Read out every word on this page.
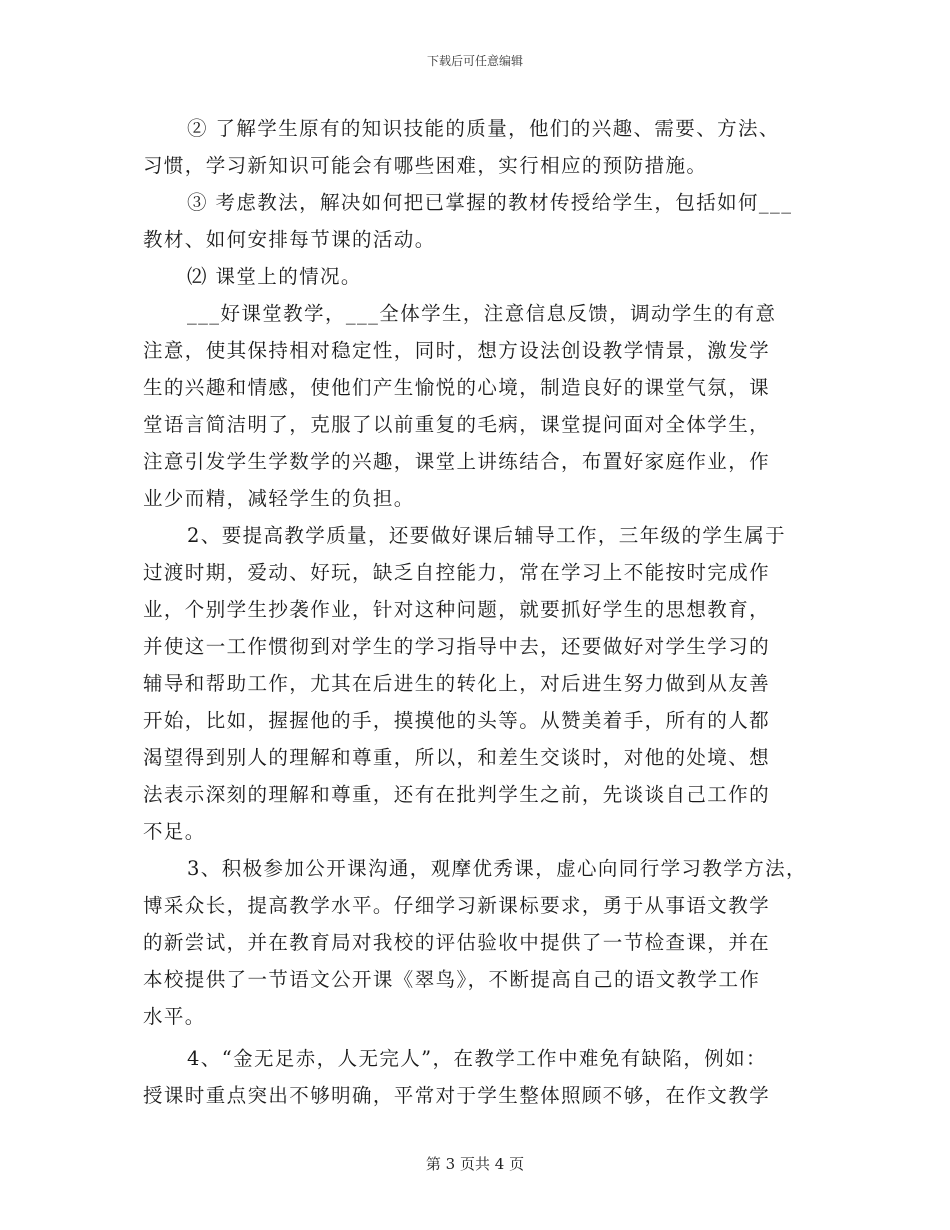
下载后可任意编辑
② 了解学生原有的知识技能的质量，他们的兴趣、需要、方法、
习惯，学习新知识可能会有哪些困难，实行相应的预防措施。
③ 考虑教法，解决如何把已掌握的教材传授给学生，包括如何___
教材、如何安排每节课的活动。
⑵ 课堂上的情况。
___好课堂教学，___全体学生，注意信息反馈，调动学生的有意
注意，使其保持相对稳定性，同时，想方设法创设教学情景，激发学
生的兴趣和情感，使他们产生愉悦的心境，制造良好的课堂气氛，课
堂语言简洁明了，克服了以前重复的毛病，课堂提问面对全体学生，
注意引发学生学数学的兴趣，课堂上讲练结合，布置好家庭作业，作
业少而精，减轻学生的负担。
2、要提高教学质量，还要做好课后辅导工作，三年级的学生属于
过渡时期，爱动、好玩，缺乏自控能力，常在学习上不能按时完成作
业，个别学生抄袭作业，针对这种问题，就要抓好学生的思想教育，
并使这一工作惯彻到对学生的学习指导中去，还要做好对学生学习的
辅导和帮助工作，尤其在后进生的转化上，对后进生努力做到从友善
开始，比如，握握他的手，摸摸他的头等。从赞美着手，所有的人都
渴望得到别人的理解和尊重，所以，和差生交谈时，对他的处境、想
法表示深刻的理解和尊重，还有在批判学生之前，先谈谈自己工作的
不足。
3、积极参加公开课沟通，观摩优秀课，虚心向同行学习教学方法，
博采众长，提高教学水平。仔细学习新课标要求，勇于从事语文教学
的新尝试，并在教育局对我校的评估验收中提供了一节检查课，并在
本校提供了一节语文公开课《翠鸟》，不断提高自己的语文教学工作
水平。
4、“金无足赤，人无完人”，在教学工作中难免有缺陷，例如：
授课时重点突出不够明确，平常对于学生整体照顾不够，在作文教学
第 3 页共 4 页
